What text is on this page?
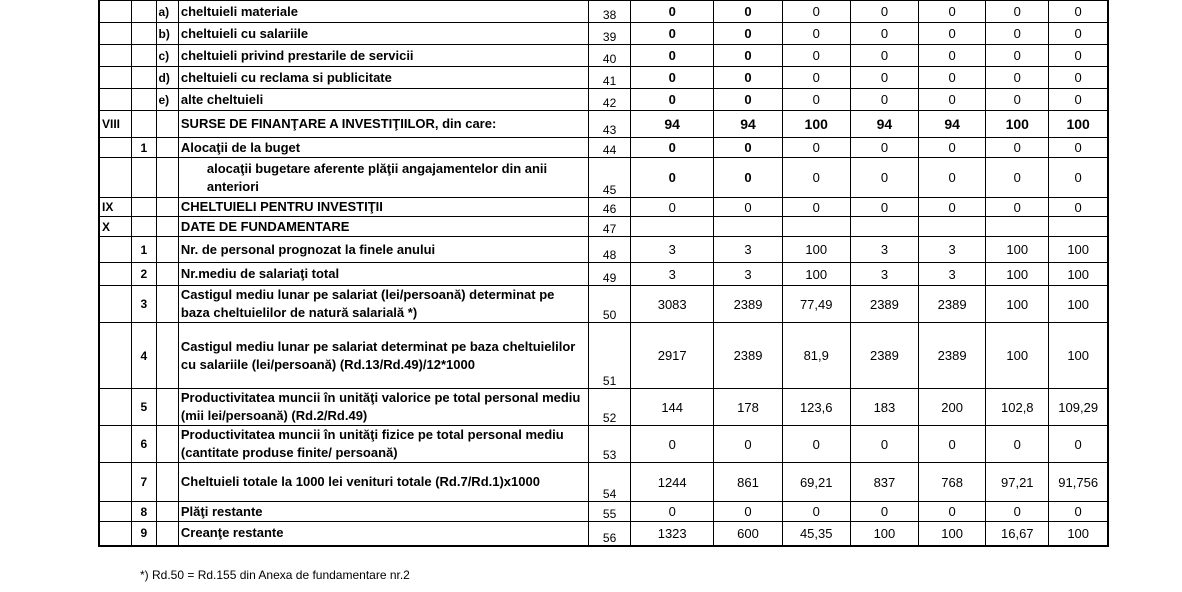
		a)	cheltuieli materiale	38	0	0	0	0	0	0	0
		b)	cheltuieli cu salariile	39	0	0	0	0	0	0	0
		c)	cheltuieli privind prestarile de servicii	40	0	0	0	0	0	0	0
		d)	cheltuieli cu reclama si publicitate	41	0	0	0	0	0	0	0
		e)	alte cheltuieli	42	0	0	0	0	0	0	0
VIII			SURSE DE FINANŢARE A INVESTIŢIILOR, din care:	43	94	94	100	94	94	100	100
	1		Alocaţii de la buget	44	0	0	0	0	0	0	0
			alocaţii bugetare aferente plăţii angajamentelor din anii anteriori	45	0	0	0	0	0	0	0
IX			CHELTUIELI PENTRU INVESTIŢII	46	0	0	0	0	0	0	0
X			DATE DE FUNDAMENTARE	47							
	1		Nr. de personal prognozat la finele anului	48	3	3	100	3	3	100	100
	2		Nr.mediu de salariaţi total	49	3	3	100	3	3	100	100
	3		Castigul mediu lunar pe salariat (lei/persoană) determinat pe baza cheltuielilor de natură salarială *)	50	3083	2389	77,49	2389	2389	100	100
	4		Castigul mediu lunar pe salariat determinat pe baza cheltuielilor cu salariile (lei/persoană) (Rd.13/Rd.49)/12*1000	51	2917	2389	81,9	2389	2389	100	100
	5		Productivitatea muncii în unităţi valorice pe total personal mediu (mii lei/persoană) (Rd.2/Rd.49)	52	144	178	123,6	183	200	102,8	109,29
	6		Productivitatea muncii în unităţi fizice pe total personal mediu (cantitate produse finite/ persoană)	53	0	0	0	0	0	0	0
	7		Cheltuieli totale la 1000 lei venituri totale (Rd.7/Rd.1)x1000	54	1244	861	69,21	837	768	97,21	91,756
	8		Plăţi restante	55	0	0	0	0	0	0	0
	9		Creanţe restante	56	1323	600	45,35	100	100	16,67	100
*) Rd.50 = Rd.155 din Anexa de fundamentare nr.2
